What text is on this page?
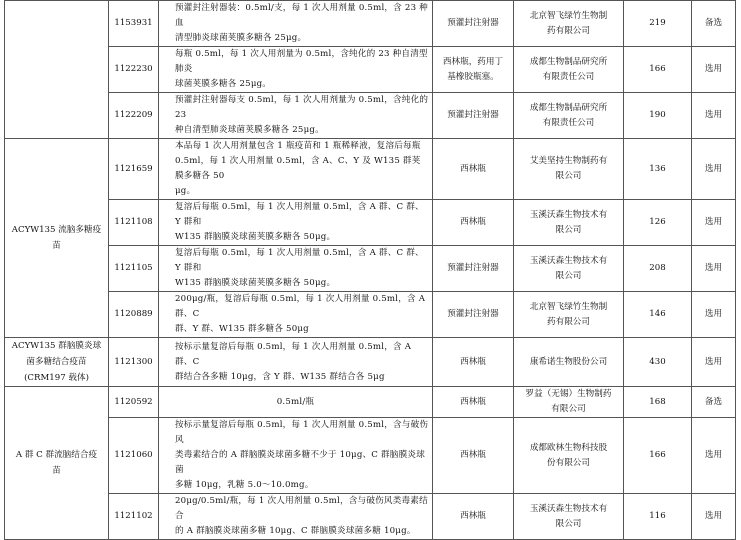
	1153931	预灌封注射器装：0.5ml/支，每 1 次人用剂量 0.5ml，含 23 种血
清型肺炎球菌荚膜多糖各 25μg。	预灌封注射器	北京智飞绿竹生物制
药有限公司	219	备选
	1122230	每瓶 0.5ml，每 1 次人用剂量为 0.5ml，含纯化的 23 种自清型肺炎
球菌荚膜多糖各 25μg。	西林瓶，药用丁
基橡胶瓶塞。	成都生物制品研究所
有限责任公司	166	选用
	1122209	预灌封注射器每支 0.5ml，每 1 次人用剂量为 0.5ml，含纯化的 23
种自清型肺炎球菌荚膜多糖各 25μg。	预灌封注射器	成都生物制品研究所
有限责任公司	190	选用
ACYW135 流脑多糖疫
苗	1121659	本品每 1 次人用剂量包含 1 瓶疫苗和 1 瓶稀释液，复溶后每瓶
0.5ml，每 1 次人用剂量 0.5ml，含 A、C、Y 及 W135 群荚膜多糖各 50
μg。	西林瓶	艾美坚持生物制药有
限公司	136	选用
	1121108	复溶后每瓶 0.5ml，每 1 次人用剂量 0.5ml，含 A 群、C 群、Y 群和
W135 群脑膜炎球菌荚膜多糖各 50μg。	西林瓶	玉溪沃森生物技术有
限公司	126	选用
	1121105	复溶后每瓶 0.5ml，每 1 次人用剂量 0.5ml，含 A 群、C 群、Y 群和
W135 群脑膜炎球菌荚膜多糖各 50μg。	预灌封注射器	玉溪沃森生物技术有
限公司	208	选用
	1120889	200μg/瓶，复溶后每瓶 0.5ml，每 1 次人用剂量 0.5ml，含 A 群、C
群、Y 群、W135 群多糖各 50μg	预灌封注射器	北京智飞绿竹生物制
药有限公司	146	选用
ACYW135 群脑膜炎球
菌多糖结合疫苗
(CRM197 载体)	1121300	按标示量复溶后每瓶 0.5ml，每 1 次人用剂量 0.5ml，含 A 群、C
群结合各多糖 10μg，含 Y 群、W135 群结合各 5μg	西林瓶	康希诺生物股份公司	430	选用
A 群 C 群流脑结合疫
苗	1120592	0.5ml/瓶	西林瓶	罗益（无锡）生物制药
有限公司	168	备选
	1121060	按标示量复溶后每瓶 0.5ml，每 1 次人用剂量 0.5ml，含与破伤风
类毒素结合的 A 群脑膜炎球菌多糖不少于 10μg、C 群脑膜炎球菌
多糖 10μg，乳糖 5.0～10.0mg。	西林瓶	成都欧林生物科技股
份有限公司	166	选用
	1121102	20μg/0.5ml/瓶，每 1 次人用剂量 0.5ml，含与破伤风类毒素结合
的 A 群脑膜炎球菌多糖 10μg、C 群脑膜炎球菌多糖 10μg。	西林瓶	玉溪沃森生物技术有
限公司	116	选用
